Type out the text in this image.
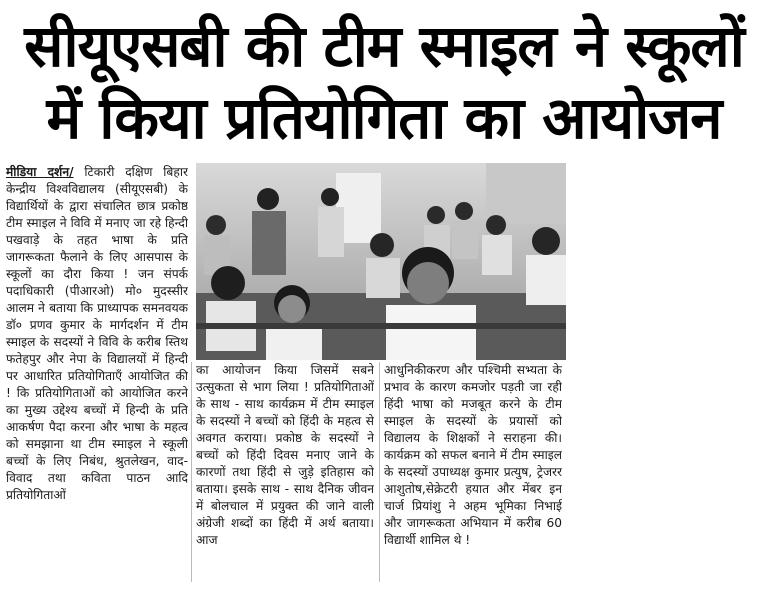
सीयूएसबी की टीम स्माइल ने स्कूलों
में किया प्रतियोगिता का आयोजन

मीडिया दर्शन/ टिकारी दक्षिण बिहार केन्द्रीय विश्वविद्यालय (सीयूएसबी) के विद्यार्थियों के द्वारा संचालित छात्र प्रकोष्ठ टीम स्माइल ने विवि में मनाए जा रहे हिन्दी पखवाड़े के तहत भाषा के प्रति जागरूकता फैलाने के लिए आसपास के स्कूलों का दौरा किया ! जन संपर्क पदाधिकारी (पीआरओ) मो० मुदस्सीर आलम ने बताया कि प्राध्यापक समनवयक डॉ० प्रणव कुमार के मार्गदर्शन में टीम स्माइल के सदस्यों ने विवि के करीब स्तिथ फतेहपुर और नेपा के विद्यालयों में हिन्दी पर आधारित प्रतियोगिताएँ आयोजित की ! कि प्रतियोगिताओं को आयोजित करने का मुख्य उद्देश्य बच्चों में हिन्दी के प्रति आकर्षण पैदा करना और भाषा के महत्व को समझाना था टीम स्माइल ने स्कूली बच्चों के लिए निबंध, श्रुतलेखन, वाद-विवाद तथा कविता पाठन आदि प्रतियोगिताओं

का आयोजन किया जिसमें सबने उत्सुकता से भाग लिया ! प्रतियोगिताओं के साथ - साथ कार्यक्रम में टीम स्माइल के सदस्यों ने बच्चों को हिंदी के महत्व से अवगत कराया। प्रकोष्ठ के सदस्यों ने बच्चों को हिंदी दिवस मनाए जाने के कारणों तथा हिंदी से जुड़े इतिहास को बताया। इसके साथ - साथ दैनिक जीवन में बोलचाल में प्रयुक्त की जाने वाली अंग्रेजी शब्दों का हिंदी में अर्थ बताया। आज

आधुनिकीकरण और पश्चिमी सभ्यता के प्रभाव के कारण कमजोर पड़ती जा रही हिंदी भाषा को मजबूत करने के टीम स्माइल के सदस्यों के प्रयासों को विद्यालय के शिक्षकों ने सराहना की। कार्यक्रम को सफल बनाने में टीम स्माइल के सदस्यों उपाध्यक्ष कुमार प्रत्युष, ट्रेजरर आशुतोष,सेक्रेटरी हयात और मेंबर इन चार्ज प्रियांशु ने अहम भूमिका निभाई और जागरूकता अभियान में करीब 60 विद्यार्थी शामिल थे !
